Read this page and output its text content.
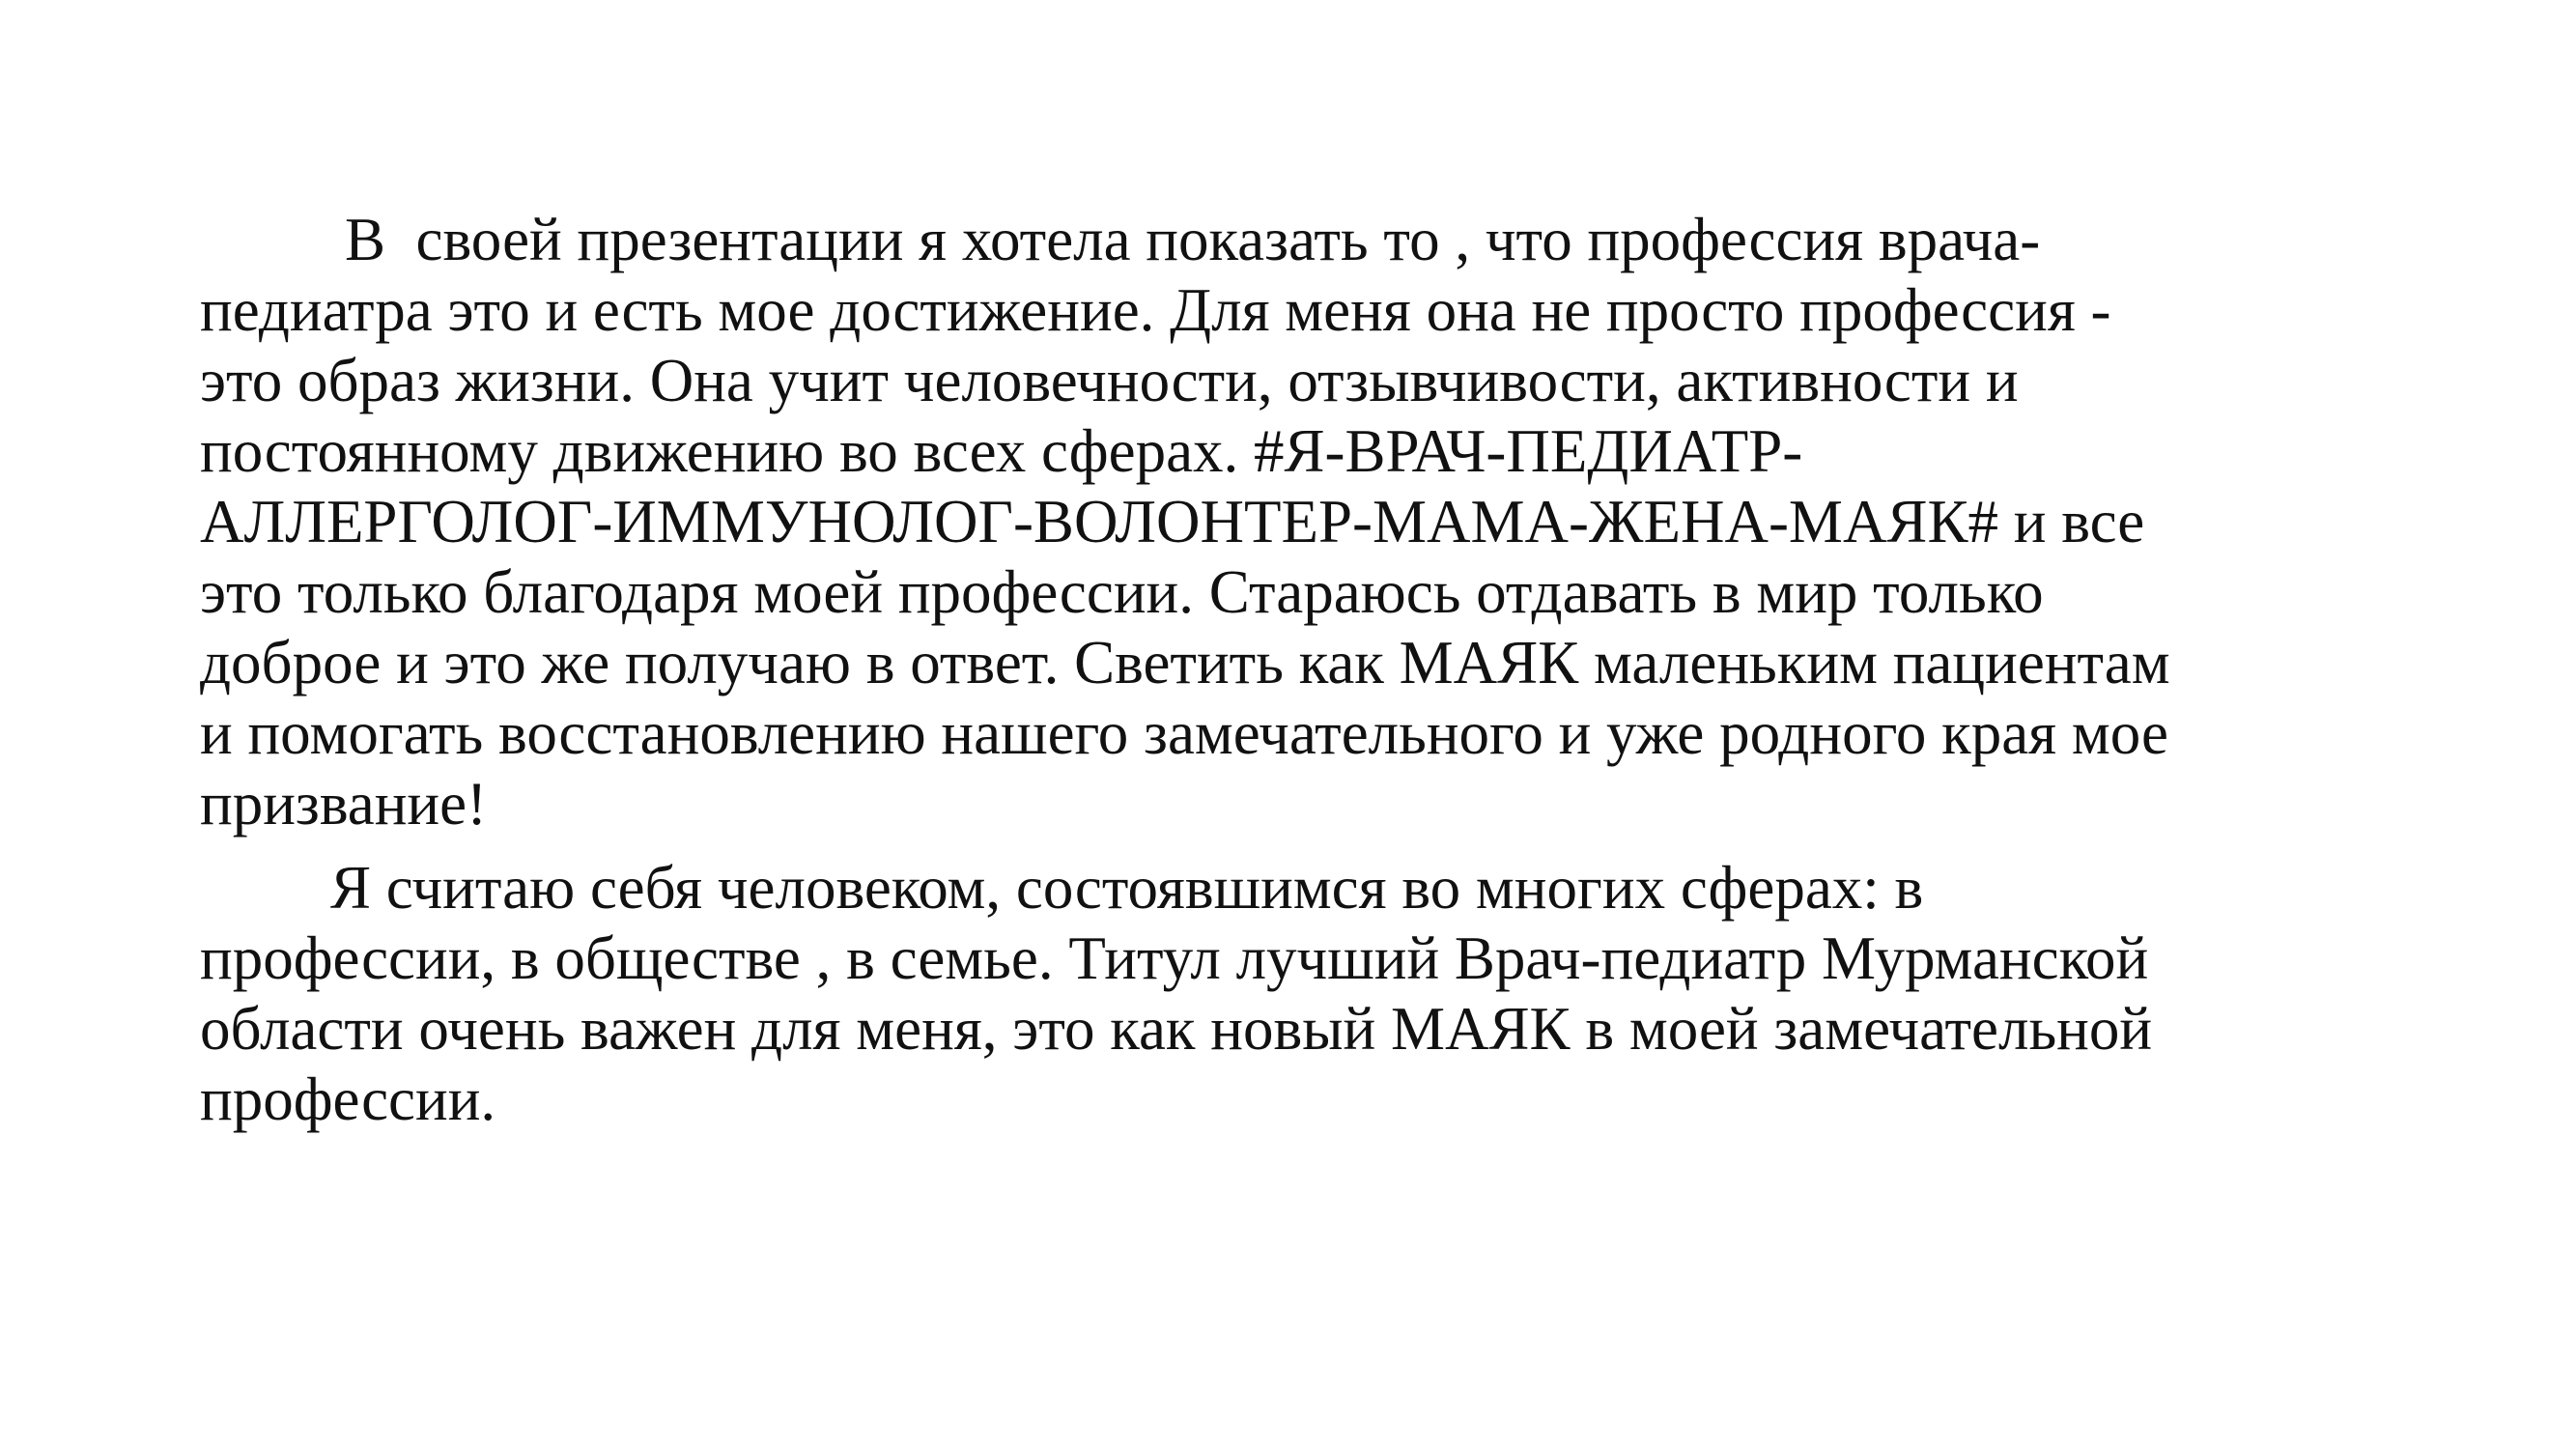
В  своей презентации я хотела показать то , что профессия врача-
педиатра это и есть мое достижение. Для меня она не просто профессия -
это образ жизни. Она учит человечности, отзывчивости, активности и
постоянному движению во всех сферах. #Я-ВРАЧ-ПЕДИАТР-
АЛЛЕРГОЛОГ-ИММУНОЛОГ-ВОЛОНТЕР-МАМА-ЖЕНА-МАЯК# и все
это только благодаря моей профессии. Стараюсь отдавать в мир только
доброе и это же получаю в ответ. Светить как МАЯК маленьким пациентам
и помогать восстановлению нашего замечательного и уже родного края мое
призвание!
Я считаю себя человеком, состоявшимся во многих сферах: в
профессии, в обществе , в семье. Титул лучший Врач-педиатр Мурманской
области очень важен для меня, это как новый МАЯК в моей замечательной
профессии.
